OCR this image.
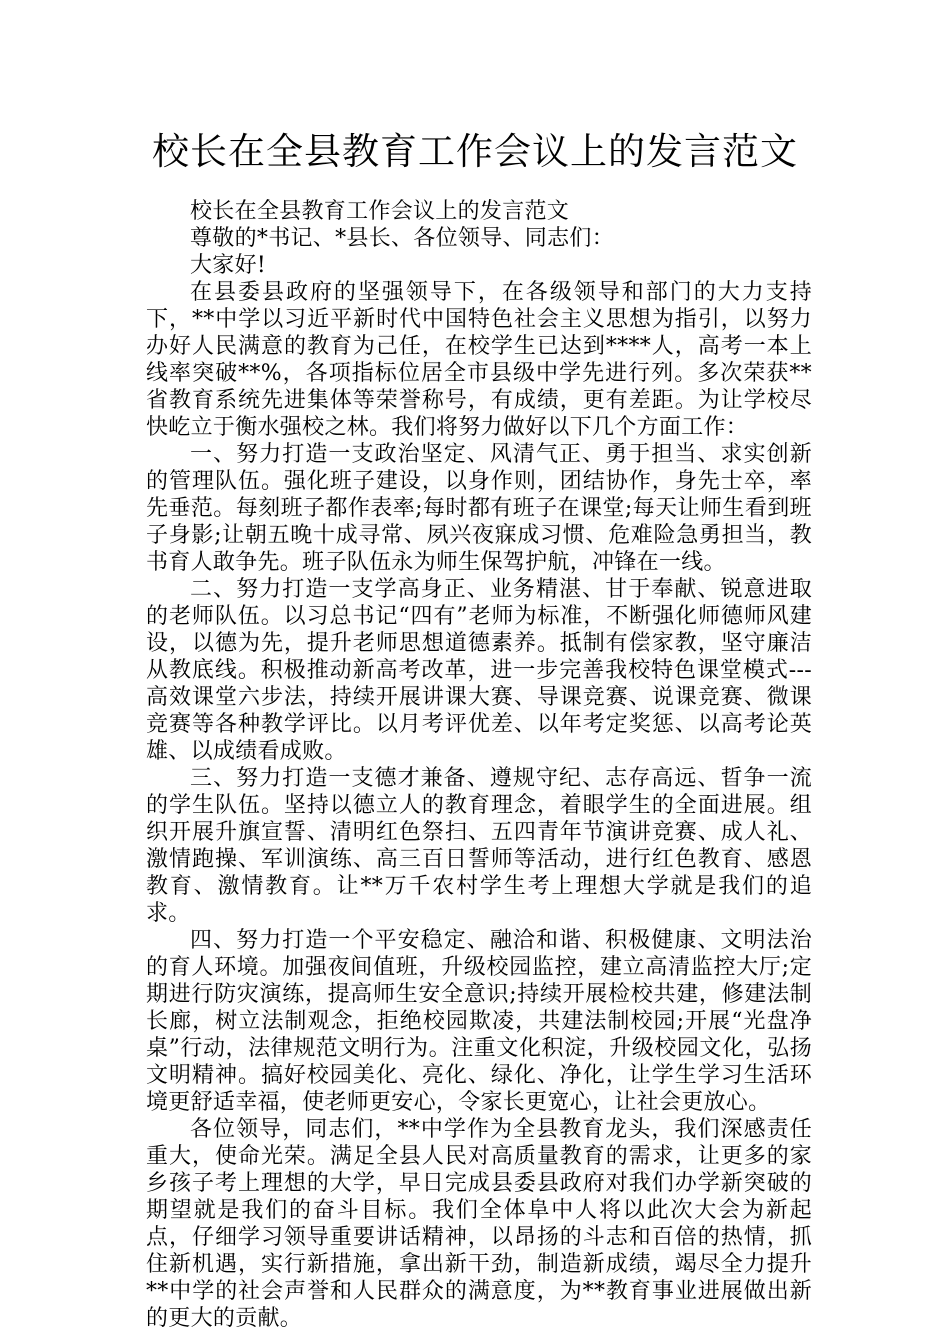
校长在全县教育工作会议上的发言范文

校长在全县教育工作会议上的发言范文

尊敬的*书记、*县长、各位领导、同志们：

大家好!

在县委县政府的坚强领导下，在各级领导和部门的大力支持下，**中学以习近平新时代中国特色社会主义思想为指引，以努力办好人民满意的教育为己任，在校学生已达到****人，高考一本上线率突破**%，各项指标位居全市县级中学先进行列。多次荣获**省教育系统先进集体等荣誉称号，有成绩，更有差距。为让学校尽快屹立于衡水强校之林。我们将努力做好以下几个方面工作：

一、努力打造一支政治坚定、风清气正、勇于担当、求实创新的管理队伍。强化班子建设，以身作则，团结协作，身先士卒，率先垂范。每刻班子都作表率;每时都有班子在课堂;每天让师生看到班子身影;让朝五晚十成寻常、夙兴夜寐成习惯、危难险急勇担当，教书育人敢争先。班子队伍永为师生保驾护航，冲锋在一线。

二、努力打造一支学高身正、业务精湛、甘于奉献、锐意进取的老师队伍。以习总书记“四有”老师为标准，不断强化师德师风建设，以德为先，提升老师思想道德素养。抵制有偿家教，坚守廉洁从教底线。积极推动新高考改革，进一步完善我校特色课堂模式---高效课堂六步法，持续开展讲课大赛、导课竞赛、说课竞赛、微课竞赛等各种教学评比。以月考评优差、以年考定奖惩、以高考论英雄、以成绩看成败。

三、努力打造一支德才兼备、遵规守纪、志存高远、晢争一流的学生队伍。坚持以德立人的教育理念，着眼学生的全面进展。组织开展升旗宣誓、清明红色祭扫、五四青年节演讲竞赛、成人礼、激情跑操、军训演练、高三百日誓师等活动，进行红色教育、感恩教育、激情教育。让**万千农村学生考上理想大学就是我们的追求。

四、努力打造一个平安稳定、融洽和谐、积极健康、文明法治的育人环境。加强夜间值班，升级校园监控，建立高清监控大厅;定期进行防灾演练，提高师生安全意识;持续开展检校共建，修建法制长廊，树立法制观念，拒绝校园欺凌，共建法制校园;开展“光盘净桌”行动，法律规范文明行为。注重文化积淀，升级校园文化，弘扬文明精神。搞好校园美化、亮化、绿化、净化，让学生学习生活环境更舒适幸福，使老师更安心，令家长更宽心，让社会更放心。

各位领导，同志们，**中学作为全县教育龙头，我们深感责任重大，使命光荣。满足全县人民对高质量教育的需求，让更多的家乡孩子考上理想的大学，早日完成县委县政府对我们办学新突破的期望就是我们的奋斗目标。我们全体阜中人将以此次大会为新起点，仔细学习领导重要讲话精神，以昂扬的斗志和百倍的热情，抓住新机遇，实行新措施，拿出新干劲，制造新成绩，竭尽全力提升**中学的社会声誉和人民群众的满意度，为**教育事业进展做出新的更大的贡献。
